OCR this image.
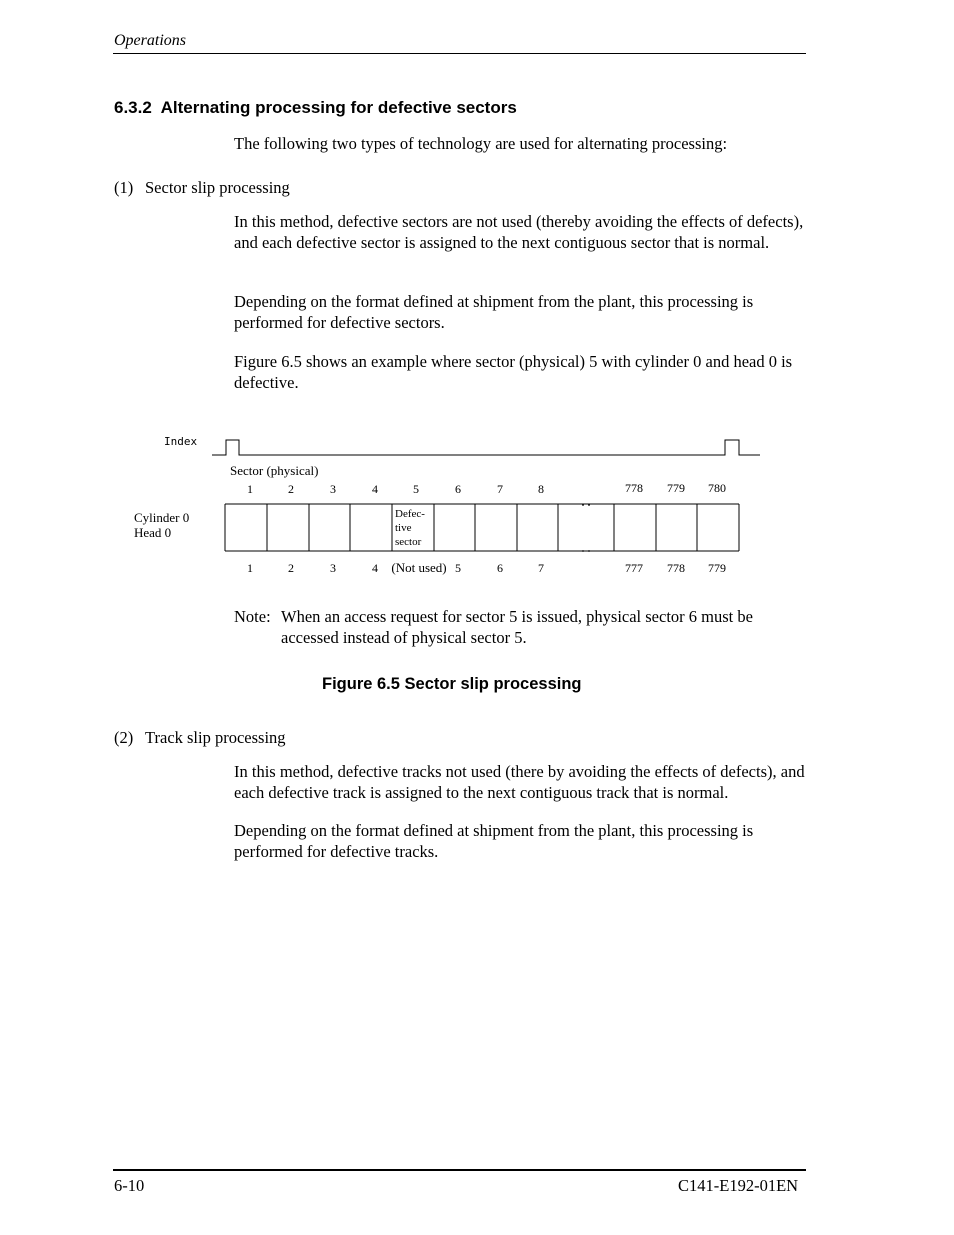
Operations
6.3.2 Alternating processing for defective sectors
The following two types of technology are used for alternating processing:
(1) Sector slip processing
In this method, defective sectors are not used (thereby avoiding the effects of defects), and each defective sector is assigned to the next contiguous sector that is normal.
Depending on the format defined at shipment from the plant, this processing is performed for defective sectors.
Figure 6.5 shows an example where sector (physical) 5 with cylinder 0 and head 0 is defective.
Index
Sector (physical)
1	2	3	4	5	6	7	8	778 779 780
Cylinder 0
Head 0
Defec-
tive
sector
1	2	3	4 (Not used) 5	6	7	777 778 779
Note: When an access request for sector 5 is issued, physical sector 6 must be accessed instead of physical sector 5.
Figure 6.5 Sector slip processing
(2) Track slip processing
In this method, defective tracks not used (there by avoiding the effects of defects), and each defective track is assigned to the next contiguous track that is normal.
Depending on the format defined at shipment from the plant, this processing is performed for defective tracks.
6-10	C141-E192-01EN
